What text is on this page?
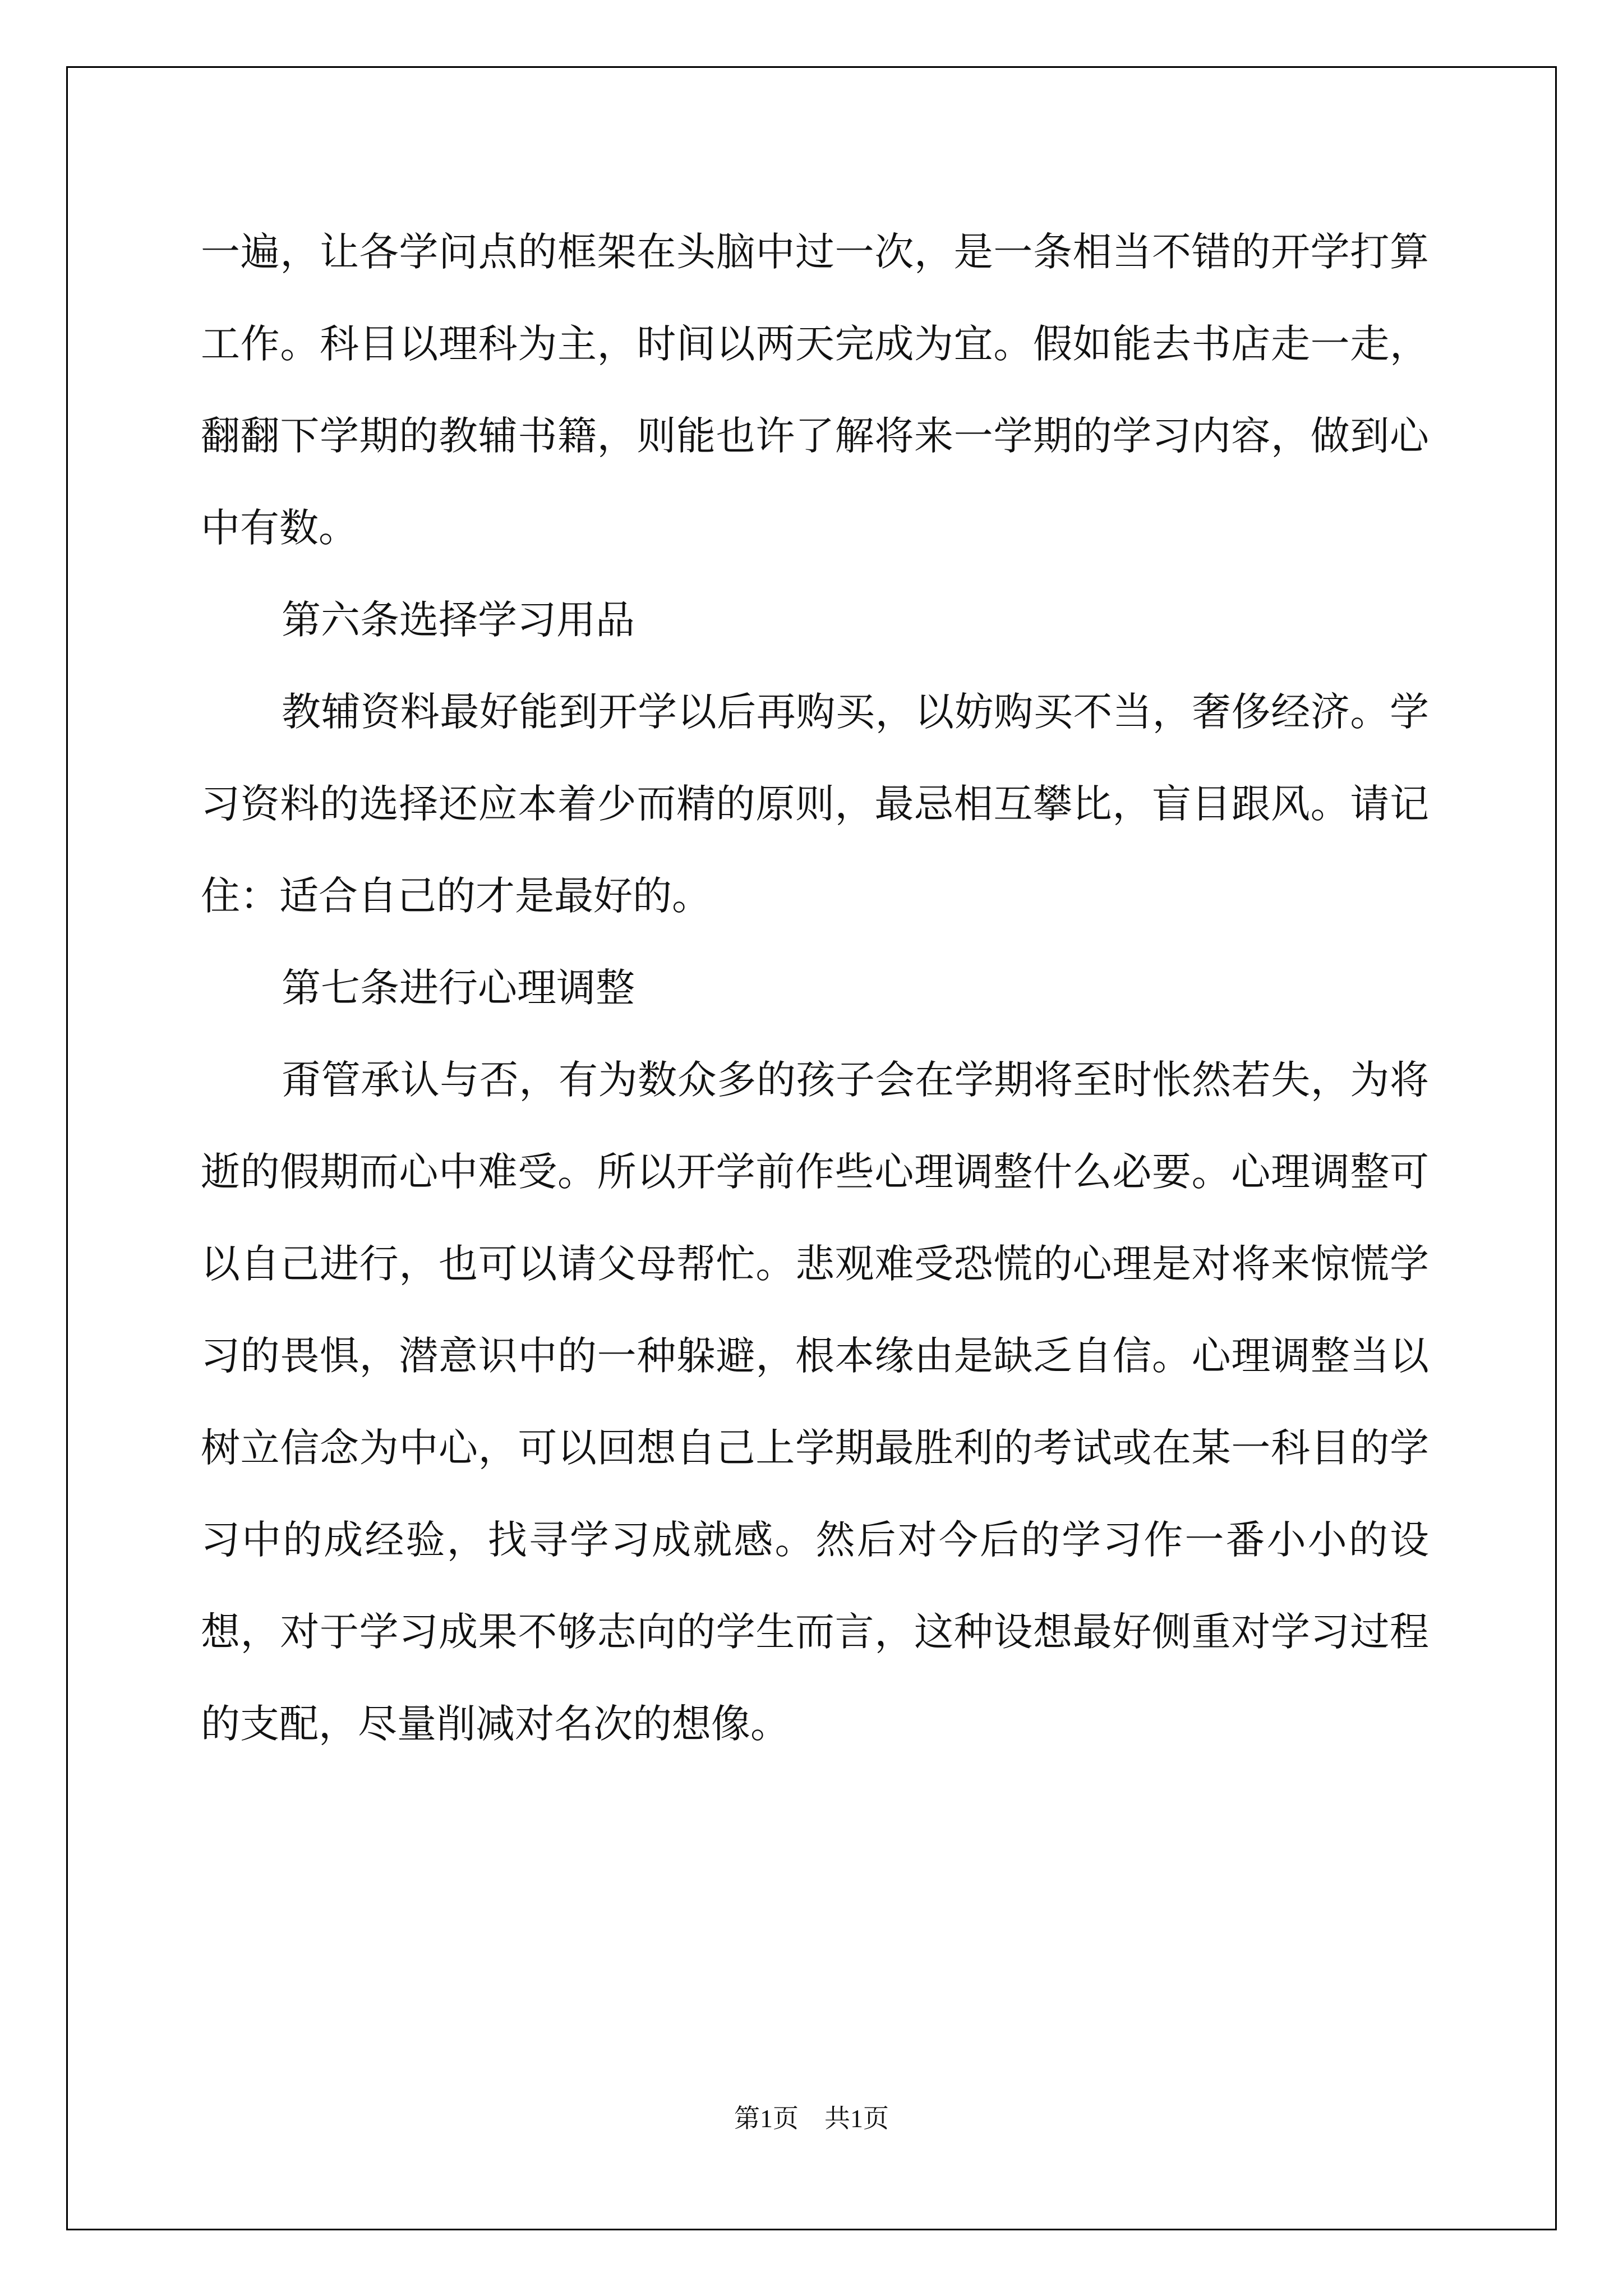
一遍，让各学问点的框架在头脑中过一次，是一条相当不错的开学打算工作。科目以理科为主，时间以两天完成为宜。假如能去书店走一走，翻翻下学期的教辅书籍，则能也许了解将来一学期的学习内容，做到心中有数。

第六条选择学习用品

教辅资料最好能到开学以后再购买，以妨购买不当，奢侈经济。学习资料的选择还应本着少而精的原则，最忌相互攀比，盲目跟风。请记住：适合自己的才是最好的。

第七条进行心理调整

甭管承认与否，有为数众多的孩子会在学期将至时怅然若失，为将逝的假期而心中难受。所以开学前作些心理调整什么必要。心理调整可以自己进行，也可以请父母帮忙。悲观难受恐慌的心理是对将来惊慌学习的畏惧，潜意识中的一种躲避，根本缘由是缺乏自信。心理调整当以树立信念为中心，可以回想自己上学期最胜利的考试或在某一科目的学习中的成经验，找寻学习成就感。然后对今后的学习作一番小小的设想，对于学习成果不够志向的学生而言，这种设想最好侧重对学习过程的支配，尽量削减对名次的想像。

第1页　共1页
